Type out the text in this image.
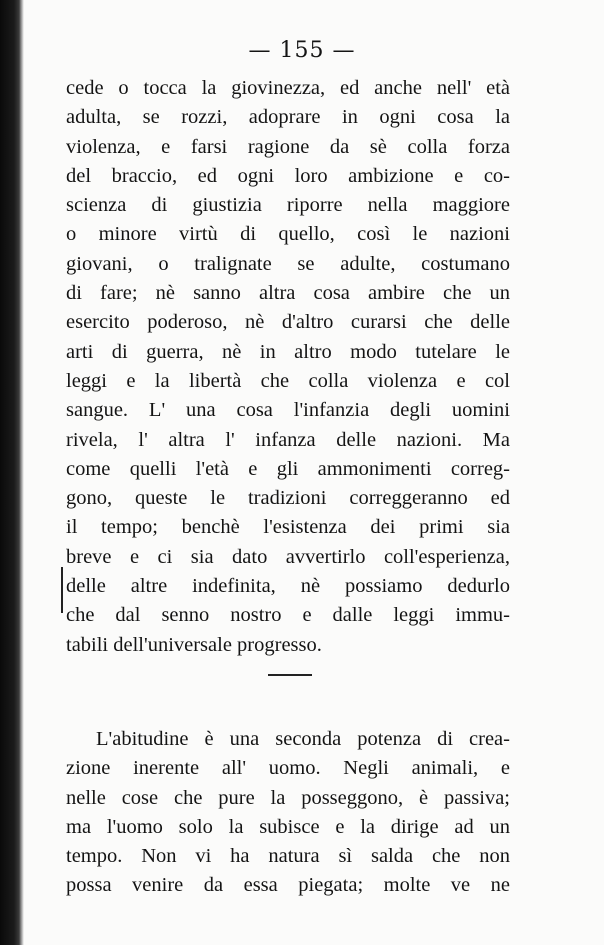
— 155 —
cede o tocca la giovinezza, ed anche nell' età
adulta, se rozzi, adoprare in ogni cosa la
violenza, e farsi ragione da sè colla forza
del braccio, ed ogni loro ambizione e co-
scienza di giustizia riporre nella maggiore
o minore virtù di quello, così le nazioni
giovani, o tralignate se adulte, costumano
di fare; nè sanno altra cosa ambire che un
esercito poderoso, nè d'altro curarsi che delle
arti di guerra, nè in altro modo tutelare le
leggi e la libertà che colla violenza e col
sangue. L' una cosa l'infanzia degli uomini
rivela, l' altra l' infanza delle nazioni. Ma
come quelli l'età e gli ammonimenti correg-
gono, queste le tradizioni correggeranno ed
il tempo; benchè l'esistenza dei primi sia
breve e ci sia dato avvertirlo coll'esperienza,
delle altre indefinita, nè possiamo dedurlo
che dal senno nostro e dalle leggi immu-
tabili dell'universale progresso.
L'abitudine è una seconda potenza di crea-
zione inerente all' uomo. Negli animali, e
nelle cose che pure la posseggono, è passiva;
ma l'uomo solo la subisce e la dirige ad un
tempo. Non vi ha natura sì salda che non
possa venire da essa piegata; molte ve ne
